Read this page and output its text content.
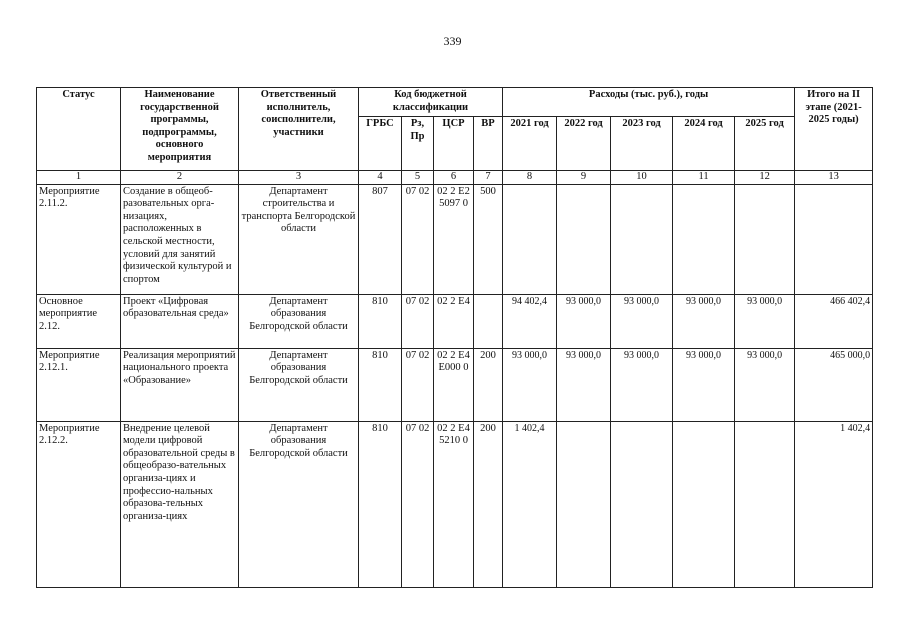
339
Статус	Наименование государственной программы, подпрограммы, основного мероприятия	Ответственный исполнитель, соисполнители, участники	Код бюджетной классификации				Расходы (тыс. руб.), годы					Итого на II этапе (2021-2025 годы)
			ГРБС	Рз, Пр	ЦСР	ВР	2021 год	2022 год	2023 год	2024 год	2025 год	
1	2	3	4	5	6	7	8	9	10	11	12	13
Мероприятие 2.11.2.	Создание в общеоб-разовательных орга-низациях, расположенных в сельской местности, условий для занятий физической культурой и спортом	Департамент строительства и транспорта Белгородской области	807	07 02	02 2 E2 5097 0	500						
Основное мероприятие 2.12.	Проект «Цифровая образовательная среда»	Департамент образования Белгородской области	810	07 02	02 2 E4		94 402,4	93 000,0	93 000,0	93 000,0	93 000,0	466 402,4
Мероприятие 2.12.1.	Реализация мероприятий национального проекта «Образование»	Департамент образования Белгородской области	810	07 02	02 2 E4 E000 0	200	93 000,0	93 000,0	93 000,0	93 000,0	93 000,0	465 000,0
Мероприятие 2.12.2.	Внедрение целевой модели цифровой образовательной среды в общеобразо-вательных организа-циях и профессио-нальных образова-тельных организа-циях	Департамент образования Белгородской области	810	07 02	02 2 E4 5210 0	200	1 402,4					1 402,4
